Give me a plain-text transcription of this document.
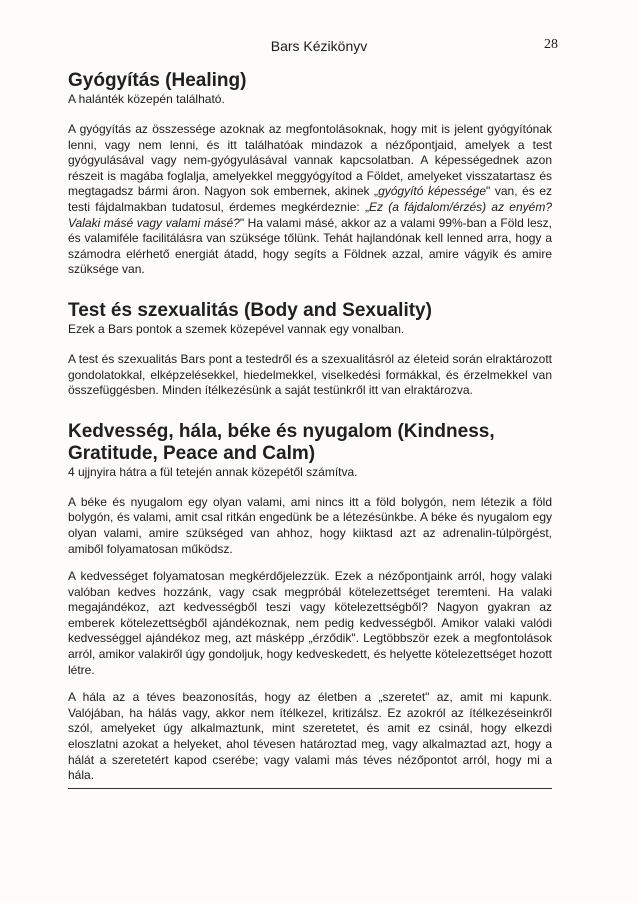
Bars Kézikönyv	28
Gyógyítás (Healing)
A halánték közepén található.

A gyógyítás az összessége azoknak az megfontolásoknak, hogy mit is jelent gyógyítónak lenni, vagy nem lenni, és itt találhatóak mindazok a nézőpontjaid, amelyek a test gyógyulásával vagy nem-gyógyulásával vannak kapcsolatban. A képességednek azon részeit is magába foglalja, amelyekkel meggyógyítod a Földet, amelyeket visszatartasz és megtagadsz bármi áron. Nagyon sok embernek, akinek „gyógyító képessége" van, és ez testi fájdalmakban tudatosul, érdemes megkérdeznie: „Ez (a fájdalom/érzés) az enyém? Valaki másé vagy valami másé?" Ha valami másé, akkor az a valami 99%-ban a Föld lesz, és valamiféle facilitálásra van szüksége tőlünk. Tehát hajlandónak kell lenned arra, hogy a számodra elérhető energiát átadd, hogy segíts a Földnek azzal, amire vágyik és amire szüksége van.

Test és szexualitás (Body and Sexuality)
Ezek a Bars pontok a szemek közepével vannak egy vonalban.

A test és szexualitás Bars pont a testedről és a szexualitásról az életeid során elraktározott gondolatokkal, elképzelésekkel, hiedelmekkel, viselkedési formákkal, és érzelmekkel van összefüggésben. Minden ítélkezésünk a saját testünkről itt van elraktározva.

Kedvesség, hála, béke és nyugalom (Kindness, Gratitude, Peace and Calm)
4 ujjnyira hátra a fül tetején annak közepétől számítva.

A béke és nyugalom egy olyan valami, ami nincs itt a föld bolygón, nem létezik a föld bolygón, és valami, amit csal ritkán engedünk be a létezésünkbe. A béke és nyugalom egy olyan valami, amire szükséged van ahhoz, hogy kiiktasd azt az adrenalin-túlpörgést, amiből folyamatosan működsz.

A kedvességet folyamatosan megkérdőjelezzük. Ezek a nézőpontjaink arról, hogy valaki valóban kedves hozzánk, vagy csak megpróbál kötelezettséget teremteni. Ha valaki megajándékoz, azt kedvességből teszi vagy kötelezettségből? Nagyon gyakran az emberek kötelezettségből ajándékoznak, nem pedig kedvességből. Amikor valaki valódi kedvességgel ajándékoz meg, azt másképp „érződik". Legtöbbször ezek a megfontolások arról, amikor valakiről úgy gondoljuk, hogy kedveskedett, és helyette kötelezettséget hozott létre.

A hála az a téves beazonosítás, hogy az életben a „szeretet" az, amit mi kapunk. Valójában, ha hálás vagy, akkor nem ítélkezel, kritizálsz. Ez azokról az ítélkezéseinkről szól, amelyeket úgy alkalmaztunk, mint szeretetet, és amit ez csinál, hogy elkezdi eloszlatni azokat a helyeket, ahol tévesen határoztad meg, vagy alkalmaztad azt, hogy a hálát a szeretetért kapod cserébe; vagy valami más téves nézőpontot arról, hogy mi a hála.
